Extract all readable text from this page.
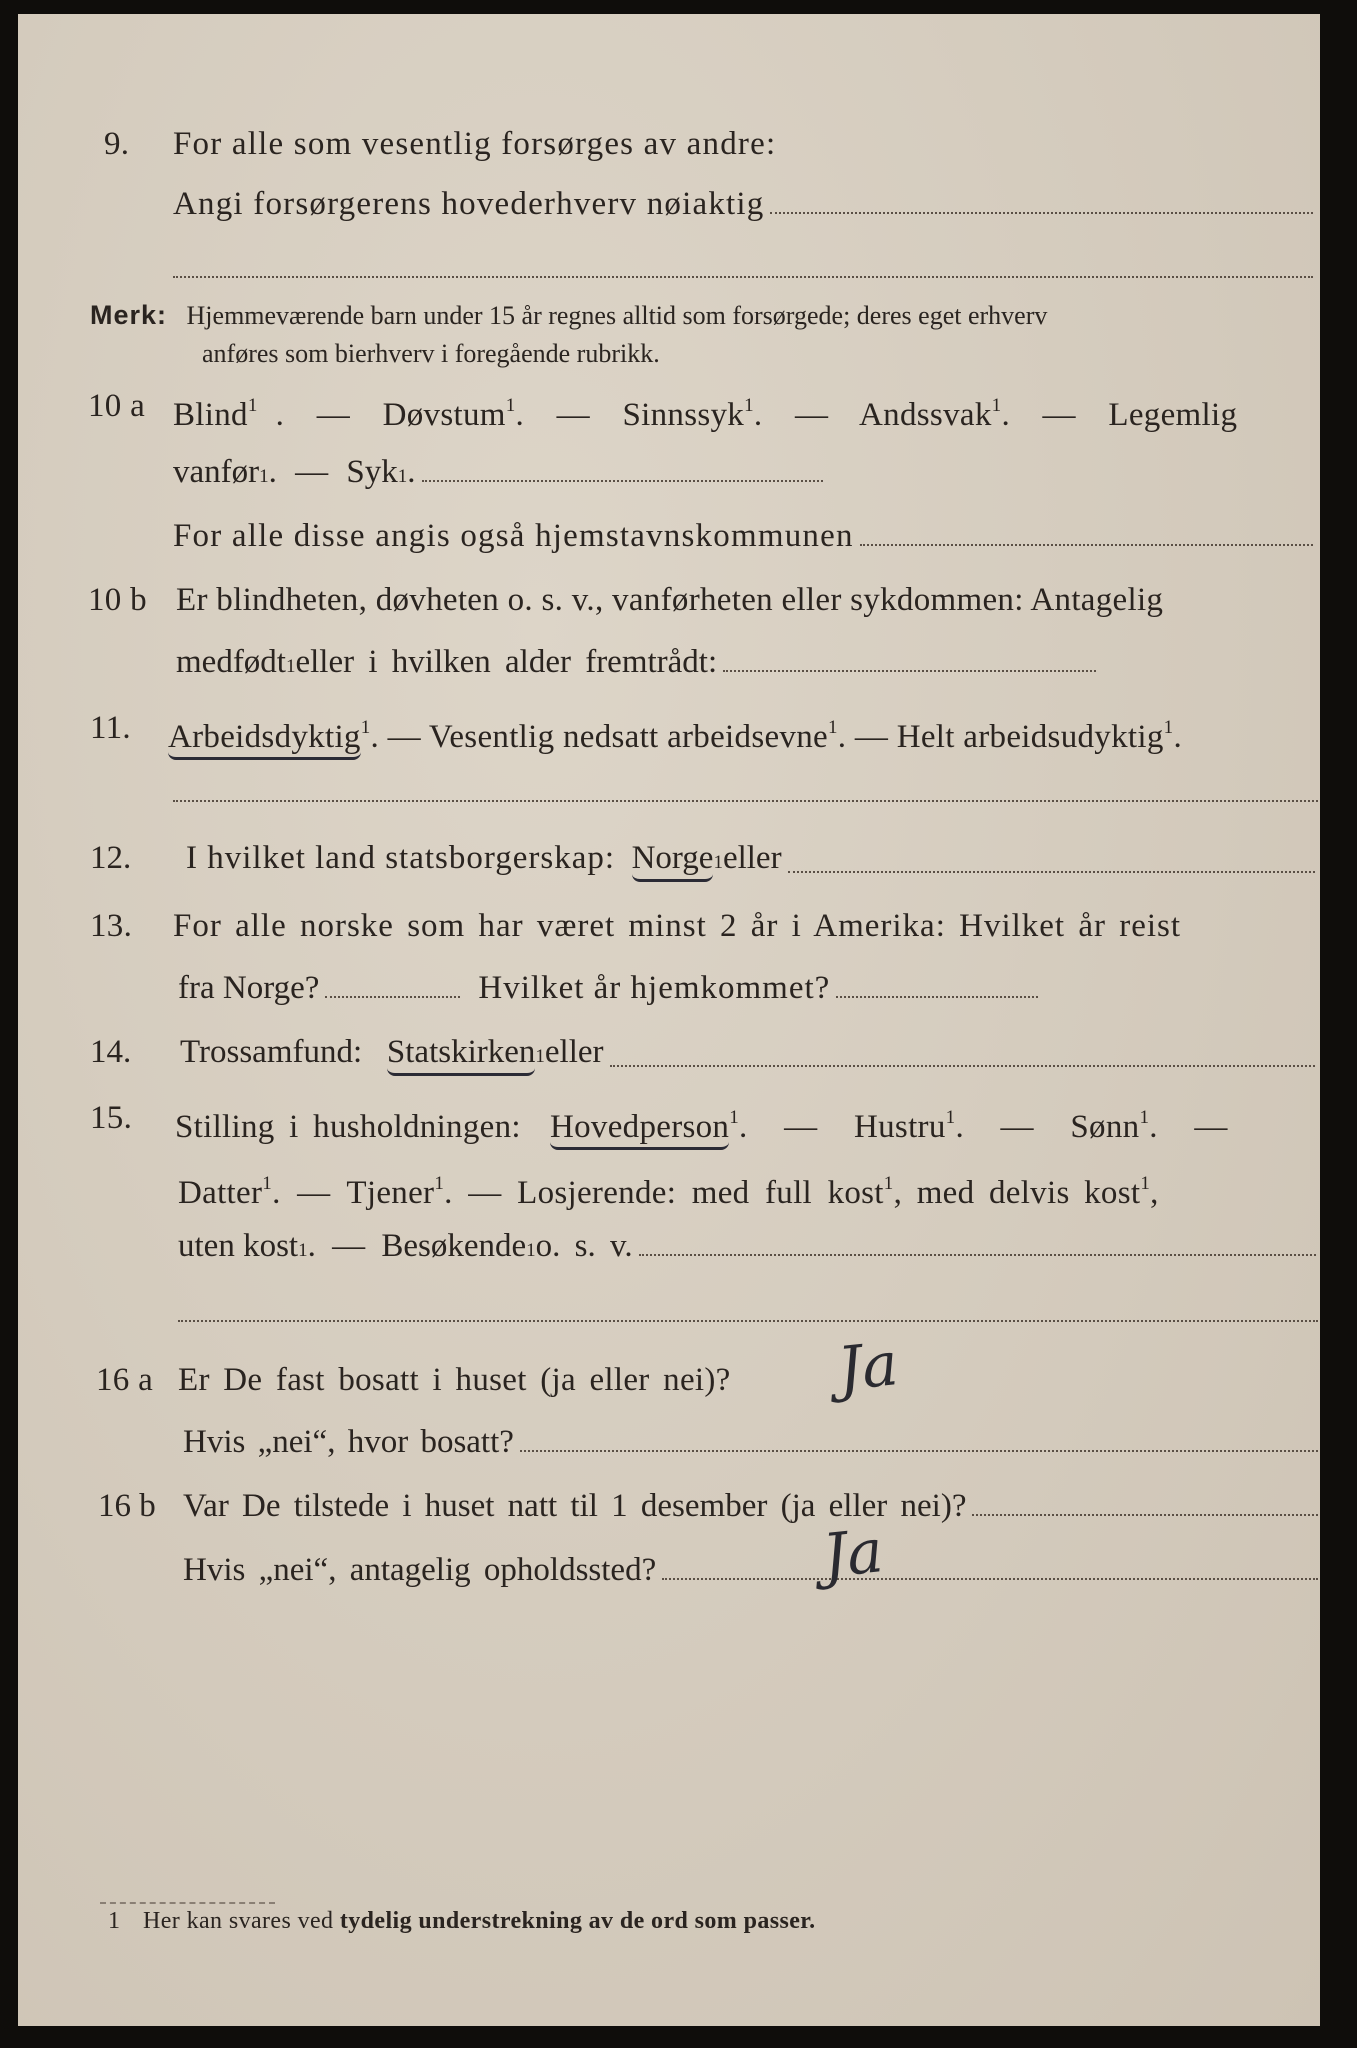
9. For alle som vesentlig forsørges av andre:
Angi forsørgerens hovederhverv nøiaktig
Merk: Hjemmeværende barn under 15 år regnes alltid som forsørgede; deres eget erhverv
anføres som bierhverv i foregående rubrikk.
10 a Blind$^1$ . — Døvstum$^1$. — Sinnssyk$^1$. — Andssvak$^1$. — Legemlig
vanfør 1 . — Syk 1 .
For alle disse angis også hjemstavnskommunen
10 b Er blindheten, døvheten o. s. v., vanførheten eller sykdommen: Antagelig
medfødt 1 eller i hvilken alder fremtrådt:
11. Arbeidsdyktig$^1$. — Vesentlig nedsatt arbeidsevne$^1$. — Helt arbeidsudyktig$^1$.
12.	I hvilket land statsborgerskap:
Norge 1 eller
13. For alle norske som har været minst 2 år i Amerika: Hvilket år reist
fra Norge?	Hvilket år hjemkommet?
14.	Trossamfund:
Statskirken 1 eller
15. Stilling i husholdningen: Hovedperson$^1$. — Hustru$^1$. — Sønn$^1$. —
Datter$^1$. — Tjener$^1$. — Losjerende: med full kost$^1$, med delvis kost$^1$,
uten kost 1 . — Besøkende 1 o. s. v.
16 a Er De fast bosatt i huset (ja eller nei)? Ja
Hvis „nei“, hvor bosatt?
16 b Var De tilstede i huset natt til 1 desember (ja eller nei)?
Hvis „nei“, antagelig opholdssted?	Ja
1 Her kan svares ved tydelig understrekning av de ord som passer.
